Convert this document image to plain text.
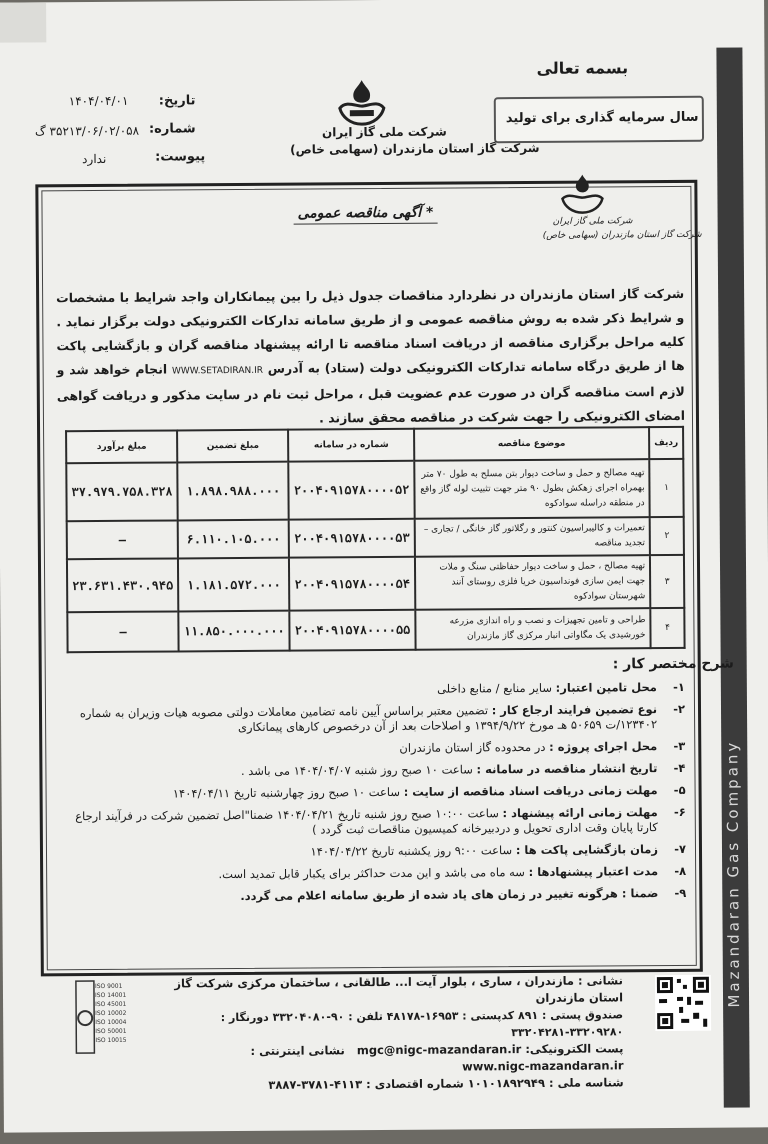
Mazandaran Gas Company
بسمه تعالی
سال سرمایه گذاری برای تولید
شرکت ملی گاز ایران
شرکت گاز استان مازندران (سهامی خاص)
تاریخ:
۱۴۰۴/۰۴/۰۱
شماره:
۳۵۲۱۳/۰۶/۰۲/۰۵۸ گ
پیوست:
ندارد
شرکت ملی گاز ایران
شرکت گاز استان مازندران (سهامی خاص)
* آگهی مناقصه عمومی
شرکت گاز استان مازندران در نظردارد مناقصات جدول ذیل را بین پیمانکاران واجد شرایط با مشخصات و شرایط ذکر شده به روش مناقصه عمومی و از طریق سامانه تدارکات الکترونیکی دولت برگزار نماید . کلیه مراحل برگزاری مناقصه از دریافت اسناد مناقصه تا ارائه پیشنهاد مناقصه گران و بازگشایی پاکت ها از طریق درگاه سامانه تدارکات الکترونیکی دولت (ستاد) به آدرس WWW.SETADIRAN.IR انجام خواهد شد و لازم است مناقصه گران در صورت عدم عضویت قبل ، مراحل ثبت نام در سایت مذکور و دریافت گواهی امضای الکترونیکی را جهت شرکت در مناقصه محقق سازند .
ردیف	موضوع مناقصه	شماره در سامانه	مبلغ تضمین	مبلغ برآورد
۱	تهیه مصالح و حمل و ساخت دیوار بتن مسلح به طول ۷۰ متر بهمراه اجرای زهکش بطول ۹۰ متر جهت تثبیت لوله گاز واقع در منطقه دراسله سوادکوه	۲۰۰۴۰۹۱۵۷۸۰۰۰۰۵۲	۱.۸۹۸.۹۸۸.۰۰۰	۳۷.۹۷۹.۷۵۸.۳۲۸
۲	تعمیرات و کالیبراسیون کنتور و رگلاتور گاز خانگی / تجاری – تجدید مناقصه	۲۰۰۴۰۹۱۵۷۸۰۰۰۰۵۳	۶.۱۱۰.۱۰۵.۰۰۰	–
۳	تهیه مصالح ، حمل و ساخت دیوار حفاظتی سنگ و ملات جهت ایمن سازی فونداسیون خریا فلزی روستای آنند شهرستان سوادکوه	۲۰۰۴۰۹۱۵۷۸۰۰۰۰۵۴	۱.۱۸۱.۵۷۲.۰۰۰	۲۳.۶۳۱.۴۳۰.۹۴۵
۴	طراحی و تامین تجهیزات و نصب و راه اندازی مزرعه خورشیدی یک مگاواتی انبار مرکزی گاز مازندران	۲۰۰۴۰۹۱۵۷۸۰۰۰۰۵۵	۱۱.۸۵۰.۰۰۰.۰۰۰	–
شرح مختصر کار :
۱-
محل تامین اعتبار: سایر منابع / منابع داخلی
۲-
نوع تضمین فرایند ارجاع کار : تضمین معتبر براساس آیین نامه تضامین معاملات دولتی مصوبه هیات وزیران به شماره ۱۲۳۴۰۲/ت ۵۰۶۵۹ هـ مورخ ۱۳۹۴/۹/۲۲ و اصلاحات بعد از آن درخصوص کارهای پیمانکاری
۳-
محل اجرای پروژه : در محدوده گاز استان مازندران
۴-
تاریخ انتشار مناقصه در سامانه : ساعت ۱۰ صبح روز شنبه ۱۴۰۴/۰۴/۰۷ می باشد .
۵-
مهلت زمانی دریافت اسناد مناقصه از سایت : ساعت ۱۰ صبح روز چهارشنبه تاریخ ۱۴۰۴/۰۴/۱۱
۶-
مهلت زمانی ارائه پیشنهاد : ساعت ۱۰:۰۰ صبح روز شنبه تاریخ ۱۴۰۴/۰۴/۲۱ ضمنا"اصل تضمین شرکت در فرآیند ارجاع کارتا پایان وقت اداری تحویل و دردبیرخانه کمیسیون مناقصات ثبت گردد )
۷-
زمان بازگشایی پاکت ها : ساعت ۹:۰۰ روز یکشنبه تاریخ ۱۴۰۴/۰۴/۲۲
۸-
مدت اعتبار پیشنهادها : سه ماه می باشد و این مدت حداکثر برای یکبار قابل تمدید است.
۹-
ضمنا : هرگونه تغییر در زمان های یاد شده از طریق سامانه اعلام می گردد.
نشانی : مازندران ، ساری ، بلوار آیت ا... طالقانی ، ساختمان مرکزی شرکت گاز استان مازندران
صندوق پستی : ۸۹۱ کدپستی : ۱۶۹۵۳-۴۸۱۷۸ تلفن : ۹۰-۳۳۲۰۴۰۸۰ دورنگار : ۳۳۲۰۹۲۸۰-۳۳۲۰۴۲۸۱
پست الکترونیکی: mgc@nigc-mazandaran.ir   نشانی اینترنتی :
www.nigc-mazandaran.ir
شناسه ملی : ۱۰۱۰۱۸۹۲۹۴۹ شماره اقتصادی : ۴۱۱۳-۳۷۸۱-۳۸۸۷
ISO 9001
ISO 14001
ISO 45001
ISO 10002
ISO 10004
ISO 50001
ISO 10015
